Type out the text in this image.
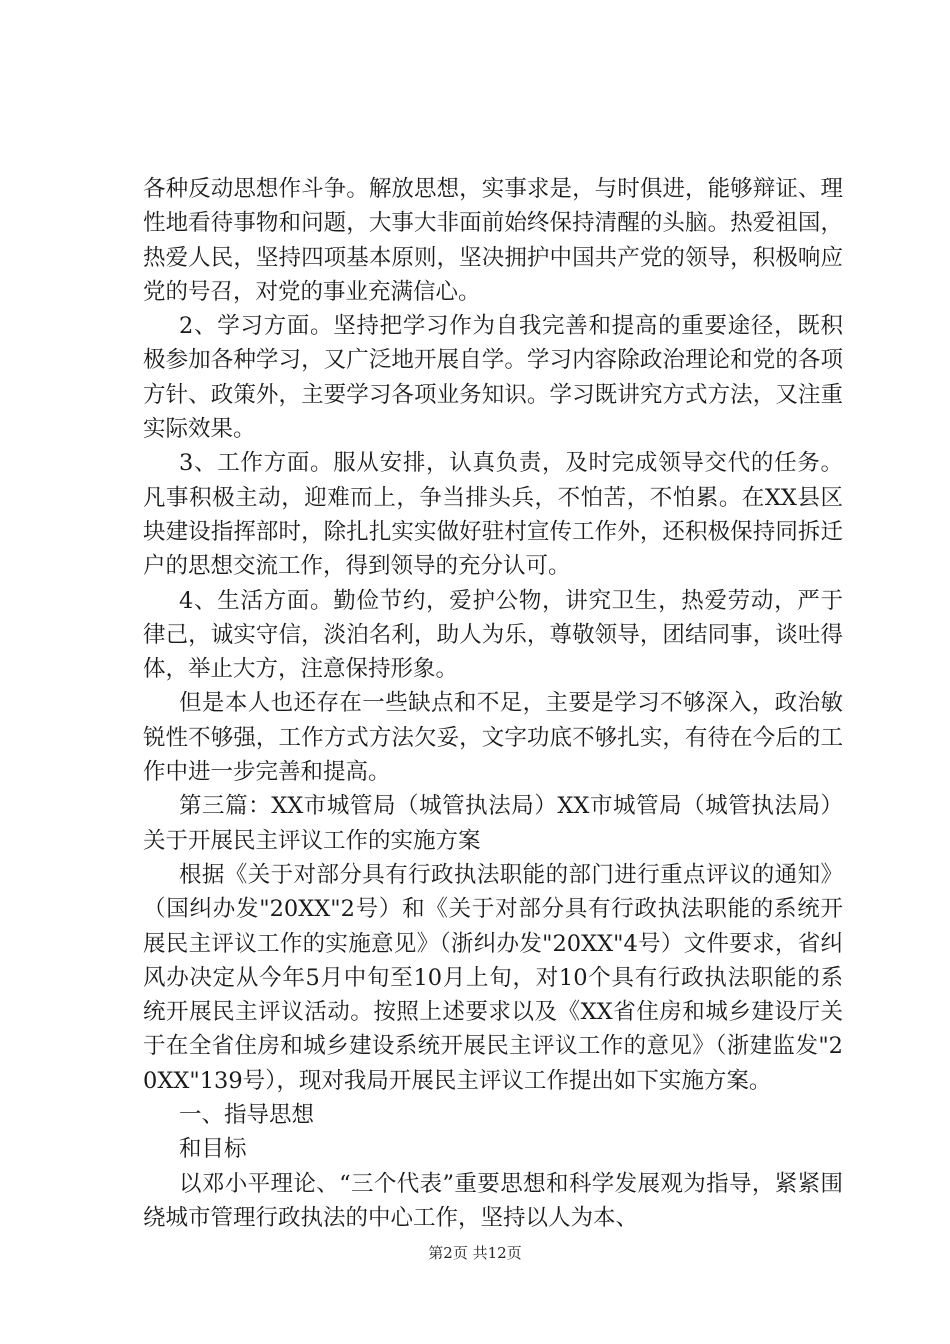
各种反动思想作斗争。解放思想，实事求是，与时俱进，能够辩证、理性地看待事物和问题，大事大非面前始终保持清醒的头脑。热爱祖国，热爱人民，坚持四项基本原则，坚决拥护中国共产党的领导，积极响应党的号召，对党的事业充满信心。

2、学习方面。坚持把学习作为自我完善和提高的重要途径，既积极参加各种学习，又广泛地开展自学。学习内容除政治理论和党的各项方针、政策外，主要学习各项业务知识。学习既讲究方式方法，又注重实际效果。

3、工作方面。服从安排，认真负责，及时完成领导交代的任务。凡事积极主动，迎难而上，争当排头兵，不怕苦，不怕累。在XX县区块建设指挥部时，除扎扎实实做好驻村宣传工作外，还积极保持同拆迁户的思想交流工作，得到领导的充分认可。

4、生活方面。勤俭节约，爱护公物，讲究卫生，热爱劳动，严于律己，诚实守信，淡泊名利，助人为乐，尊敬领导，团结同事，谈吐得体，举止大方，注意保持形象。

但是本人也还存在一些缺点和不足，主要是学习不够深入，政治敏锐性不够强，工作方式方法欠妥，文字功底不够扎实，有待在今后的工作中进一步完善和提高。

第三篇：XX市城管局（城管执法局）XX市城管局（城管执法局）关于开展民主评议工作的实施方案

根据《关于对部分具有行政执法职能的部门进行重点评议的通知》（国纠办发"20XX"2号）和《关于对部分具有行政执法职能的系统开展民主评议工作的实施意见》（浙纠办发"20XX"4号）文件要求，省纠风办决定从今年5月中旬至10月上旬，对10个具有行政执法职能的系统开展民主评议活动。按照上述要求以及《XX省住房和城乡建设厅关于在全省住房和城乡建设系统开展民主评议工作的意见》（浙建监发"20XX"139号），现对我局开展民主评议工作提出如下实施方案。

一、指导思想

和目标

以邓小平理论、“三个代表”重要思想和科学发展观为指导，紧紧围绕城市管理行政执法的中心工作，坚持以人为本、

第2页 共12页
